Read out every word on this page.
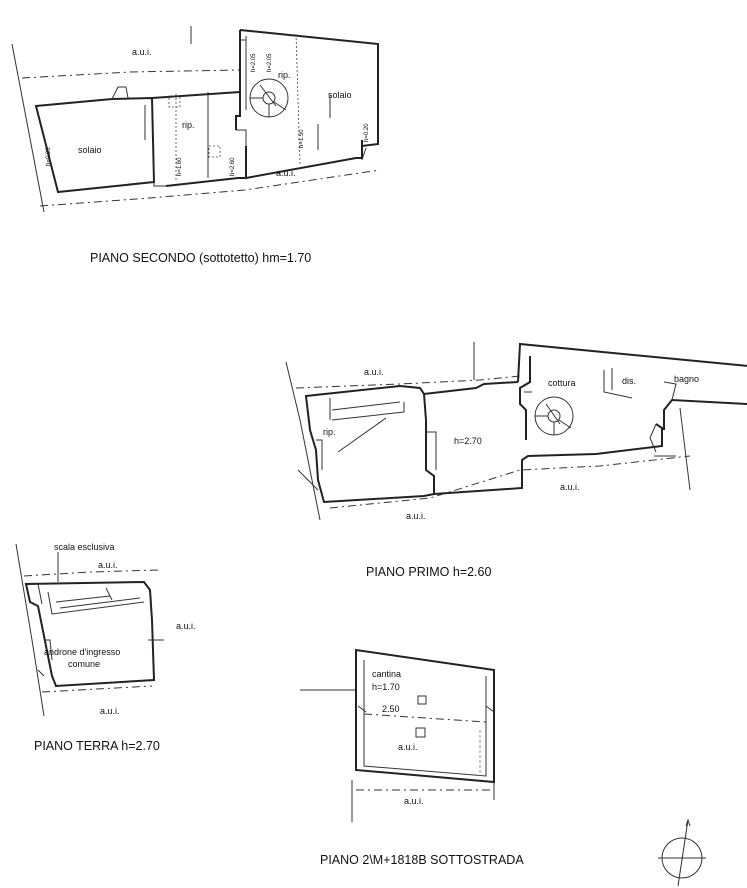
a.u.i.
solaio
rip.
rip.
solaio
a.u.i.
h=0.20
h=1.60	h=2.60
h=2.05 h=2.05
h=1.50	h=0.20
PIANO SECONDO (sottotetto) hm=1.70
a.u.i.
rip.
h=2.70
cottura	dis.	bagno
a.u.i.
a.u.i.
PIANO PRIMO h=2.60
scala esclusiva
a.u.i.
a.u.i.
androne d'ingresso
comune
a.u.i.
PIANO TERRA h=2.70
cantina
h=1.70
2.50
a.u.i.
a.u.i.
PIANO 2\M+1818B SOTTOSTRADA
